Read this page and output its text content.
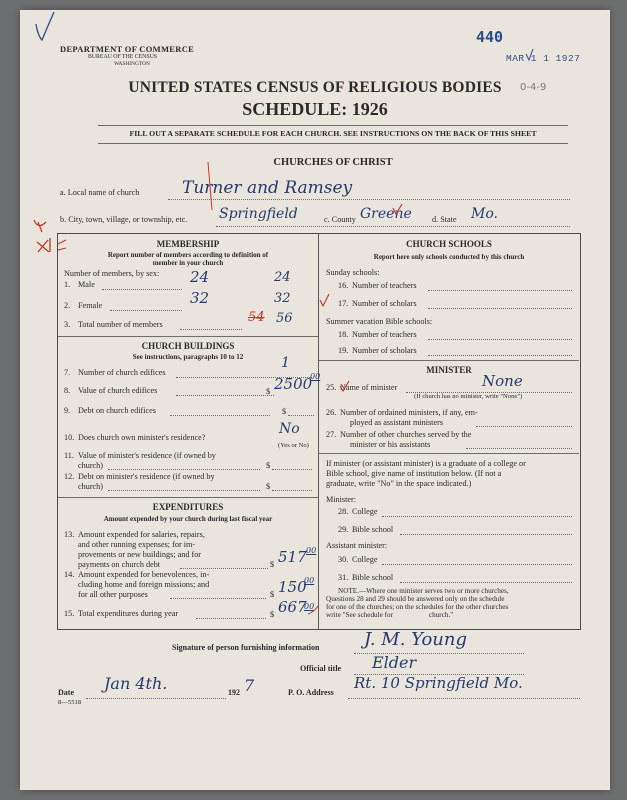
DEPARTMENT OF COMMERCE
BUREAU OF THE CENSUS
WASHINGTON
440
MAR 1 1 1927
0-4-9
UNITED STATES CENSUS OF RELIGIOUS BODIES
SCHEDULE: 1926
FILL OUT A SEPARATE SCHEDULE FOR EACH CHURCH. SEE INSTRUCTIONS ON THE BACK OF THIS SHEET
CHURCHES OF CHRIST
a. Local name of church	Turner and Ramsey
b. City, town, village, or township, etc. Springfield	c. County Greene d. State Mo.
MEMBERSHIP
Report number of members according to definition of
member in your church
Number of members, by sex:
1. Male	24	24
2. Female	32	32
3. Total number of members	54 56
CHURCH BUILDINGS
See instructions, paragraphs 10 to 12
7. Number of church edifices
1
8. Value of church edifices	$ 2500
00
9. Debt on church edifices	$
10. Does church own minister's residence?
No
(Yes or No)
11. Value of minister's residence (if owned by
church)	$
12. Debt on minister's residence (if owned by
church)	$
EXPENDITURES
Amount expended by your church during last fiscal year
13. Amount expended for salaries, repairs,
and other running expenses; for im-
provements or new buildings; and for
payments on church debt	$ 517 00
14. Amount expended for benevolences, in-
cluding home and foreign missions; and
for all other purposes	$ 150
00
15. Total expenditures during year	$ 667
00
CHURCH SCHOOLS
Report here only schools conducted by this church
Sunday schools:
16. Number of teachers
17. Number of scholars
Summer vacation Bible schools:
18. Number of teachers
19. Number of scholars
MINISTER
25. Name of minister	None
(If church has no minister, write "None")
26. Number of ordained ministers, if any, em-
ployed as assistant ministers
27. Number of other churches served by the
minister or his assistants
If minister (or assistant minister) is a graduate of a college or
Bible school, give name of institution below. (If not a
graduate, write "No" in the space indicated.)
Minister:
28. College
29. Bible school
Assistant minister:
30. College
31. Bible school
NOTE.—Where one minister serves two or more churches,
Questions 28 and 29 should be answered only on the schedule
for one of the churches; on the schedules for the other churches
write "See schedule for                    church."
Signature of person furnishing information J. M. Young
Official title Elder
Date Jan 4th.	192 7
8—5518
P. O. Address
Rt. 10 Springfield Mo.
